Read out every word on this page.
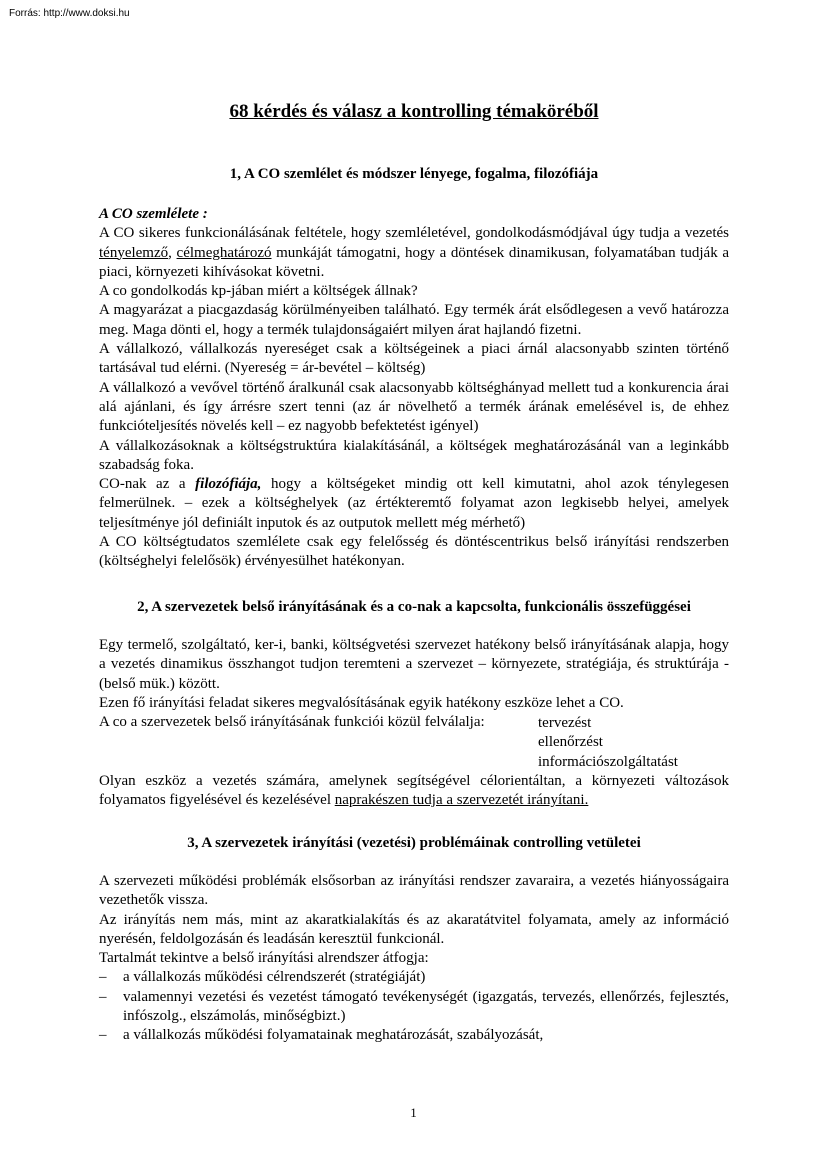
Forrás: http://www.doksi.hu
68 kérdés és válasz a kontrolling témaköréből
1, A CO szemlélet és módszer lényege, fogalma, filozófiája

A CO szemlélete :

A CO sikeres funkcionálásának feltétele, hogy szemléletével, gondolkodásmódjával úgy tudja a vezetés tényelemző, célmeghatározó munkáját támogatni, hogy a döntések dinamikusan, folyamatában tudják a piaci, környezeti kihívásokat követni.

A co gondolkodás kp-jában miért a költségek állnak?

A magyarázat a piacgazdaság körülményeiben található. Egy termék árát elsődlegesen a vevő határozza meg. Maga dönti el, hogy a termék tulajdonságaiért milyen árat hajlandó fizetni.

A vállalkozó, vállalkozás nyereséget csak a költségeinek a piaci árnál alacsonyabb szinten történő tartásával tud elérni. (Nyereség = ár-bevétel – költség)

A vállalkozó a vevővel történő áralkunál csak alacsonyabb költséghányad mellett tud a konkurencia árai alá ajánlani, és így árrésre szert tenni (az ár növelhető a termék árának emelésével is, de ehhez funkcióteljesítés növelés kell – ez nagyobb befektetést igényel)

A vállalkozásoknak a költségstruktúra kialakításánál, a költségek meghatározásánál van a leginkább szabadság foka.

CO-nak az a filozófiája, hogy a költségeket mindig ott kell kimutatni, ahol azok ténylegesen felmerülnek. – ezek a költséghelyek (az értékteremtő folyamat azon legkisebb helyei, amelyek teljesítménye jól definiált inputok és az outputok mellett még mérhető)

A CO költségtudatos szemlélete csak egy felelősség és döntéscentrikus belső irányítási rendszerben (költséghelyi felelősök) érvényesülhet hatékonyan.

2, A szervezetek belső irányításának és a co-nak a kapcsolta, funkcionális összefüggései

Egy termelő, szolgáltató, ker-i, banki, költségvetési szervezet hatékony belső irányításának alapja, hogy a vezetés dinamikus összhangot tudjon teremteni a szervezet – környezete, stratégiája, és struktúrája - (belső mük.) között.

Ezen fő irányítási feladat sikeres megvalósításának egyik hatékony eszköze lehet a CO.

A co a szervezetek belső irányításának funkciói közül felválalja:	tervezést
ellenőrzést
információszolgáltatást

Olyan eszköz a vezetés számára, amelynek segítségével célorientáltan, a környezeti változások folyamatos figyelésével és kezelésével naprakészen tudja a szervezetét irányítani.

3, A szervezetek irányítási (vezetési) problémáinak controlling vetületei

A szervezeti működési problémák elsősorban az irányítási rendszer zavaraira, a vezetés hiányosságaira vezethetők vissza.

Az irányítás nem más, mint az akaratkialakítás és az akaratátvitel folyamata, amely az információ nyerésén, feldolgozásán és leadásán keresztül funkcionál.

Tartalmát tekintve a belső irányítási alrendszer átfogja:

– a vállalkozás működési célrendszerét (stratégiáját)
– valamennyi vezetési és vezetést támogató tevékenységét (igazgatás, tervezés, ellenőrzés, fejlesztés, infószolg., elszámolás, minőségbizt.)
– a vállalkozás működési folyamatainak meghatározását, szabályozását,
1
